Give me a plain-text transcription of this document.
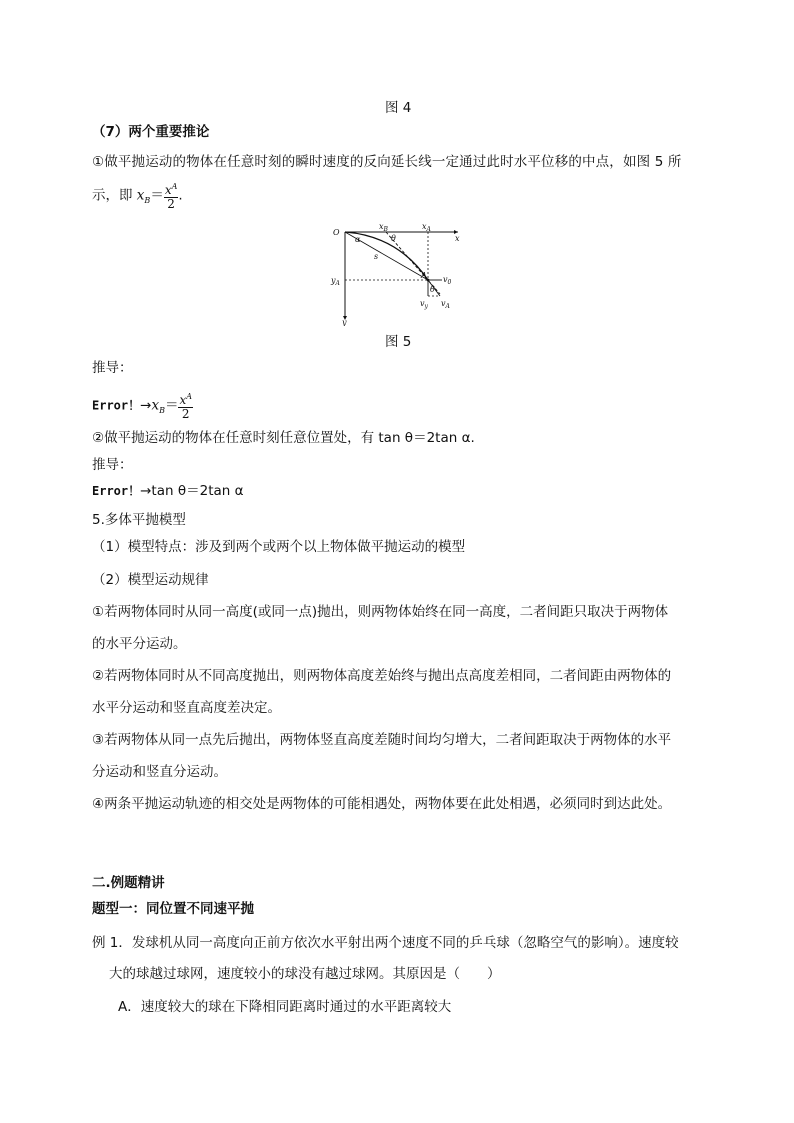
图 4
（7）两个重要推论
①做平抛运动的物体在任意时刻的瞬时速度的反向延长线一定通过此时水平位移的中点，如图 5 所
示，即 $x_B= \frac{x^A}{2}$ .
O
$x_B$	$x_A$
x
α	θ
s
A
$y_A$	$v_0$
θ
$v_y$ $v_A$
y
图 5
推导：
Error！$\to x_B= \frac{x^A}{2}$
②做平抛运动的物体在任意时刻任意位置处，有 tan θ＝2tan α.
推导：
Error！→tan θ＝2tan α
5.多体平抛模型
（1）模型特点：涉及到两个或两个以上物体做平抛运动的模型
（2）模型运动规律
①若两物体同时从同一高度(或同一点)抛出，则两物体始终在同一高度，二者间距只取决于两物体
的水平分运动。
②若两物体同时从不同高度抛出，则两物体高度差始终与抛出点高度差相同，二者间距由两物体的
水平分运动和竖直高度差决定。
③若两物体从同一点先后抛出，两物体竖直高度差随时间均匀增大，二者间距取决于两物体的水平
分运动和竖直分运动。
④两条平抛运动轨迹的相交处是两物体的可能相遇处，两物体要在此处相遇，必须同时到达此处。
二.例题精讲
题型一：同位置不同速平抛
例 1．发球机从同一高度向正前方依次水平射出两个速度不同的乒乓球（忽略空气的影响）。速度较
大的球越过球网，速度较小的球没有越过球网。其原因是（　　）
A．速度较大的球在下降相同距离时通过的水平距离较大
